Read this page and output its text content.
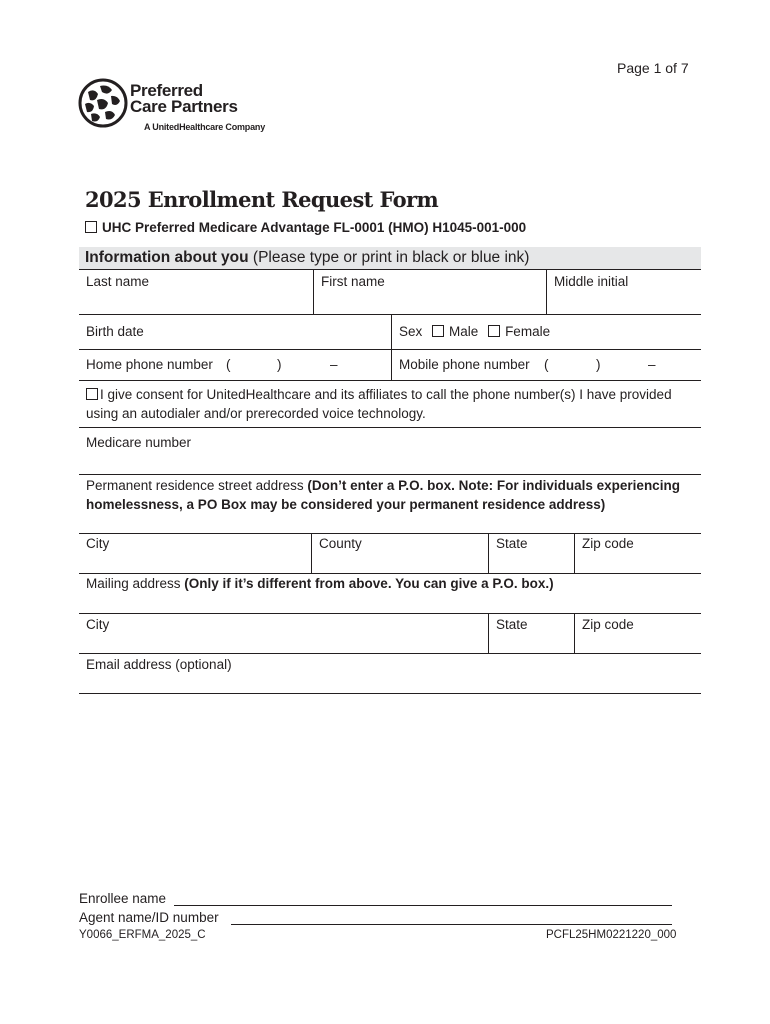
Page 1 of 7
Preferred
Care Partners
A UnitedHealthcare Company
2025 Enrollment Request Form
UHC Preferred Medicare Advantage FL-0001 (HMO) H1045-001-000
Information about you (Please type or print in black or blue ink)
Last name	First name	Middle initial
Birth date	Sex Male Female
Home phone number (	)	–	Mobile phone number (	)	–
I give consent for UnitedHealthcare and its affiliates to call the phone number(s) I have provided
using an autodialer and/or prerecorded voice technology.
Medicare number
Permanent residence street address (Don’t enter a P.O. box. Note: For individuals experiencing
homelessness, a PO Box may be considered your permanent residence address)
City	County	State	Zip code
Mailing address (Only if it’s different from above. You can give a P.O. box.)
City	State	Zip code
Email address (optional)
Enrollee name
Agent name/ID number
Y0066_ERFMA_2025_C	PCFL25HM0221220_000
